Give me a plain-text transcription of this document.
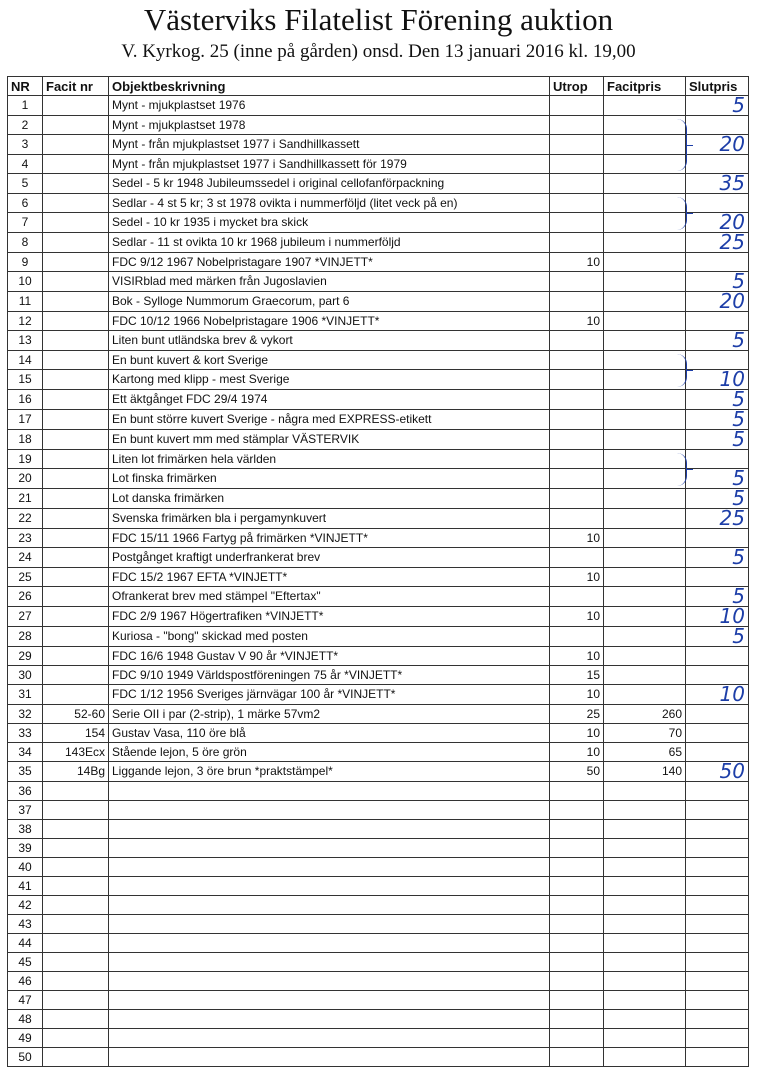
Västerviks Filatelist Förening auktion
V. Kyrkog. 25 (inne på gården) onsd. Den 13 januari 2016 kl. 19,00
NR	Facit nr	Objektbeskrivning	Utrop	Facitpris	Slutpris
1		Mynt - mjukplastset 1976			5
2		Mynt - mjukplastset 1978			
3		Mynt - från mjukplastset 1977 i Sandhillkassett			20
4		Mynt - från mjukplastset 1977 i Sandhillkassett för 1979			
5		Sedel - 5 kr 1948 Jubileumssedel i original cellofanförpackning			35
6		Sedlar - 4 st 5 kr; 3 st 1978 ovikta i nummerföljd (litet veck på en)			
7		Sedel - 10 kr 1935 i mycket bra skick			20
8		Sedlar - 11 st ovikta 10 kr 1968 jubileum i nummerföljd			25
9		FDC 9/12 1967 Nobelpristagare 1907 *VINJETT*	10		
10		VISIRblad med märken från Jugoslavien			5
11		Bok - Sylloge Nummorum Graecorum, part 6			20
12		FDC 10/12 1966 Nobelpristagare 1906 *VINJETT*	10		
13		Liten bunt utländska brev & vykort			5
14		En bunt kuvert & kort Sverige			
15		Kartong med klipp - mest Sverige			10
16		Ett äktgånget FDC 29/4 1974			5
17		En bunt större kuvert Sverige - några med EXPRESS-etikett			5
18		En bunt kuvert mm med stämplar VÄSTERVIK			5
19		Liten lot frimärken hela världen			
20		Lot finska frimärken			5
21		Lot danska frimärken			5
22		Svenska frimärken bla i pergamynkuvert			25
23		FDC 15/11 1966 Fartyg på frimärken *VINJETT*	10		
24		Postgånget kraftigt underfrankerat brev			5
25		FDC 15/2 1967 EFTA *VINJETT*	10		
26		Ofrankerat brev med stämpel "Eftertax"			5
27		FDC 2/9 1967 Högertrafiken *VINJETT*	10		10
28		Kuriosa - "bong" skickad med posten			5
29		FDC 16/6 1948 Gustav V 90 år *VINJETT*	10		
30		FDC 9/10 1949 Världspostföreningen 75 år *VINJETT*	15		
31		FDC 1/12 1956 Sveriges järnvägar 100 år *VINJETT*	10		10
32	52-60	Serie OII i par (2-strip), 1 märke 57vm2	25	260	
33	154	Gustav Vasa, 110 öre blå	10	70	
34	143Ecx	Stående lejon, 5 öre grön	10	65	
35	14Bg	Liggande lejon, 3 öre brun *praktstämpel*	50	140	50
36					
37					
38					
39					
40					
41					
42					
43					
44					
45					
46					
47					
48					
49					
50					
